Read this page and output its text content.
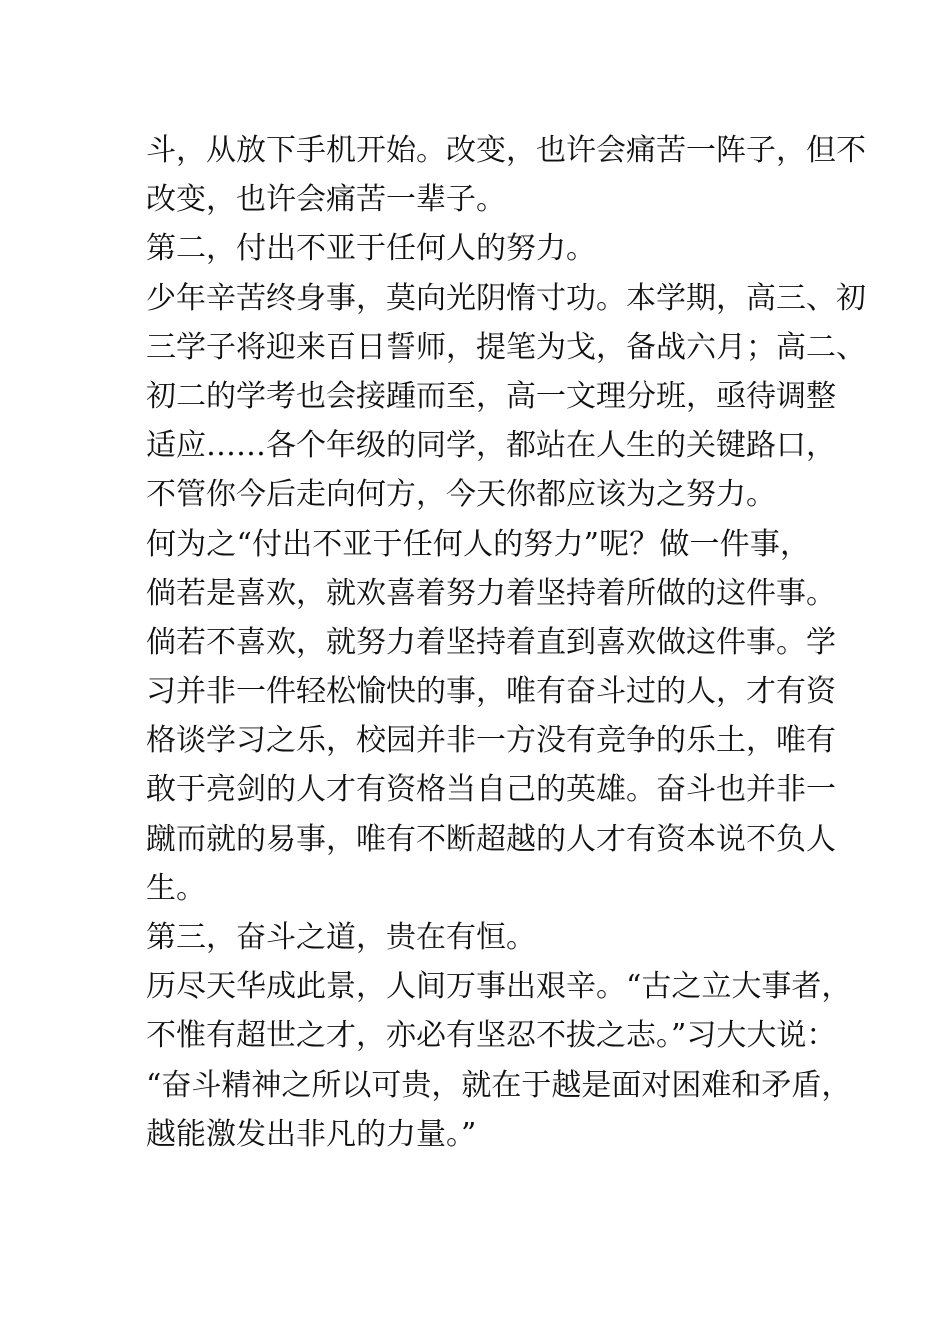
斗，从放下手机开始。改变，也许会痛苦一阵子，但不
改变，也许会痛苦一辈子。
第二，付出不亚于任何人的努力。
少年辛苦终身事，莫向光阴惰寸功。本学期，高三、初
三学子将迎来百日誓师，提笔为戈，备战六月；高二、
初二的学考也会接踵而至，高一文理分班，亟待调整
适应……各个年级的同学，都站在人生的关键路口，
不管你今后走向何方，今天你都应该为之努力。
何为之“付出不亚于任何人的努力”呢？做一件事，
倘若是喜欢，就欢喜着努力着坚持着所做的这件事。
倘若不喜欢，就努力着坚持着直到喜欢做这件事。学
习并非一件轻松愉快的事，唯有奋斗过的人，才有资
格谈学习之乐，校园并非一方没有竞争的乐土，唯有
敢于亮剑的人才有资格当自己的英雄。奋斗也并非一
蹴而就的易事，唯有不断超越的人才有资本说不负人
生。
第三，奋斗之道，贵在有恒。
历尽天华成此景，人间万事出艰辛。“古之立大事者，
不惟有超世之才，亦必有坚忍不拔之志。”习大大说：
“奋斗精神之所以可贵，就在于越是面对困难和矛盾，
越能激发出非凡的力量。”
